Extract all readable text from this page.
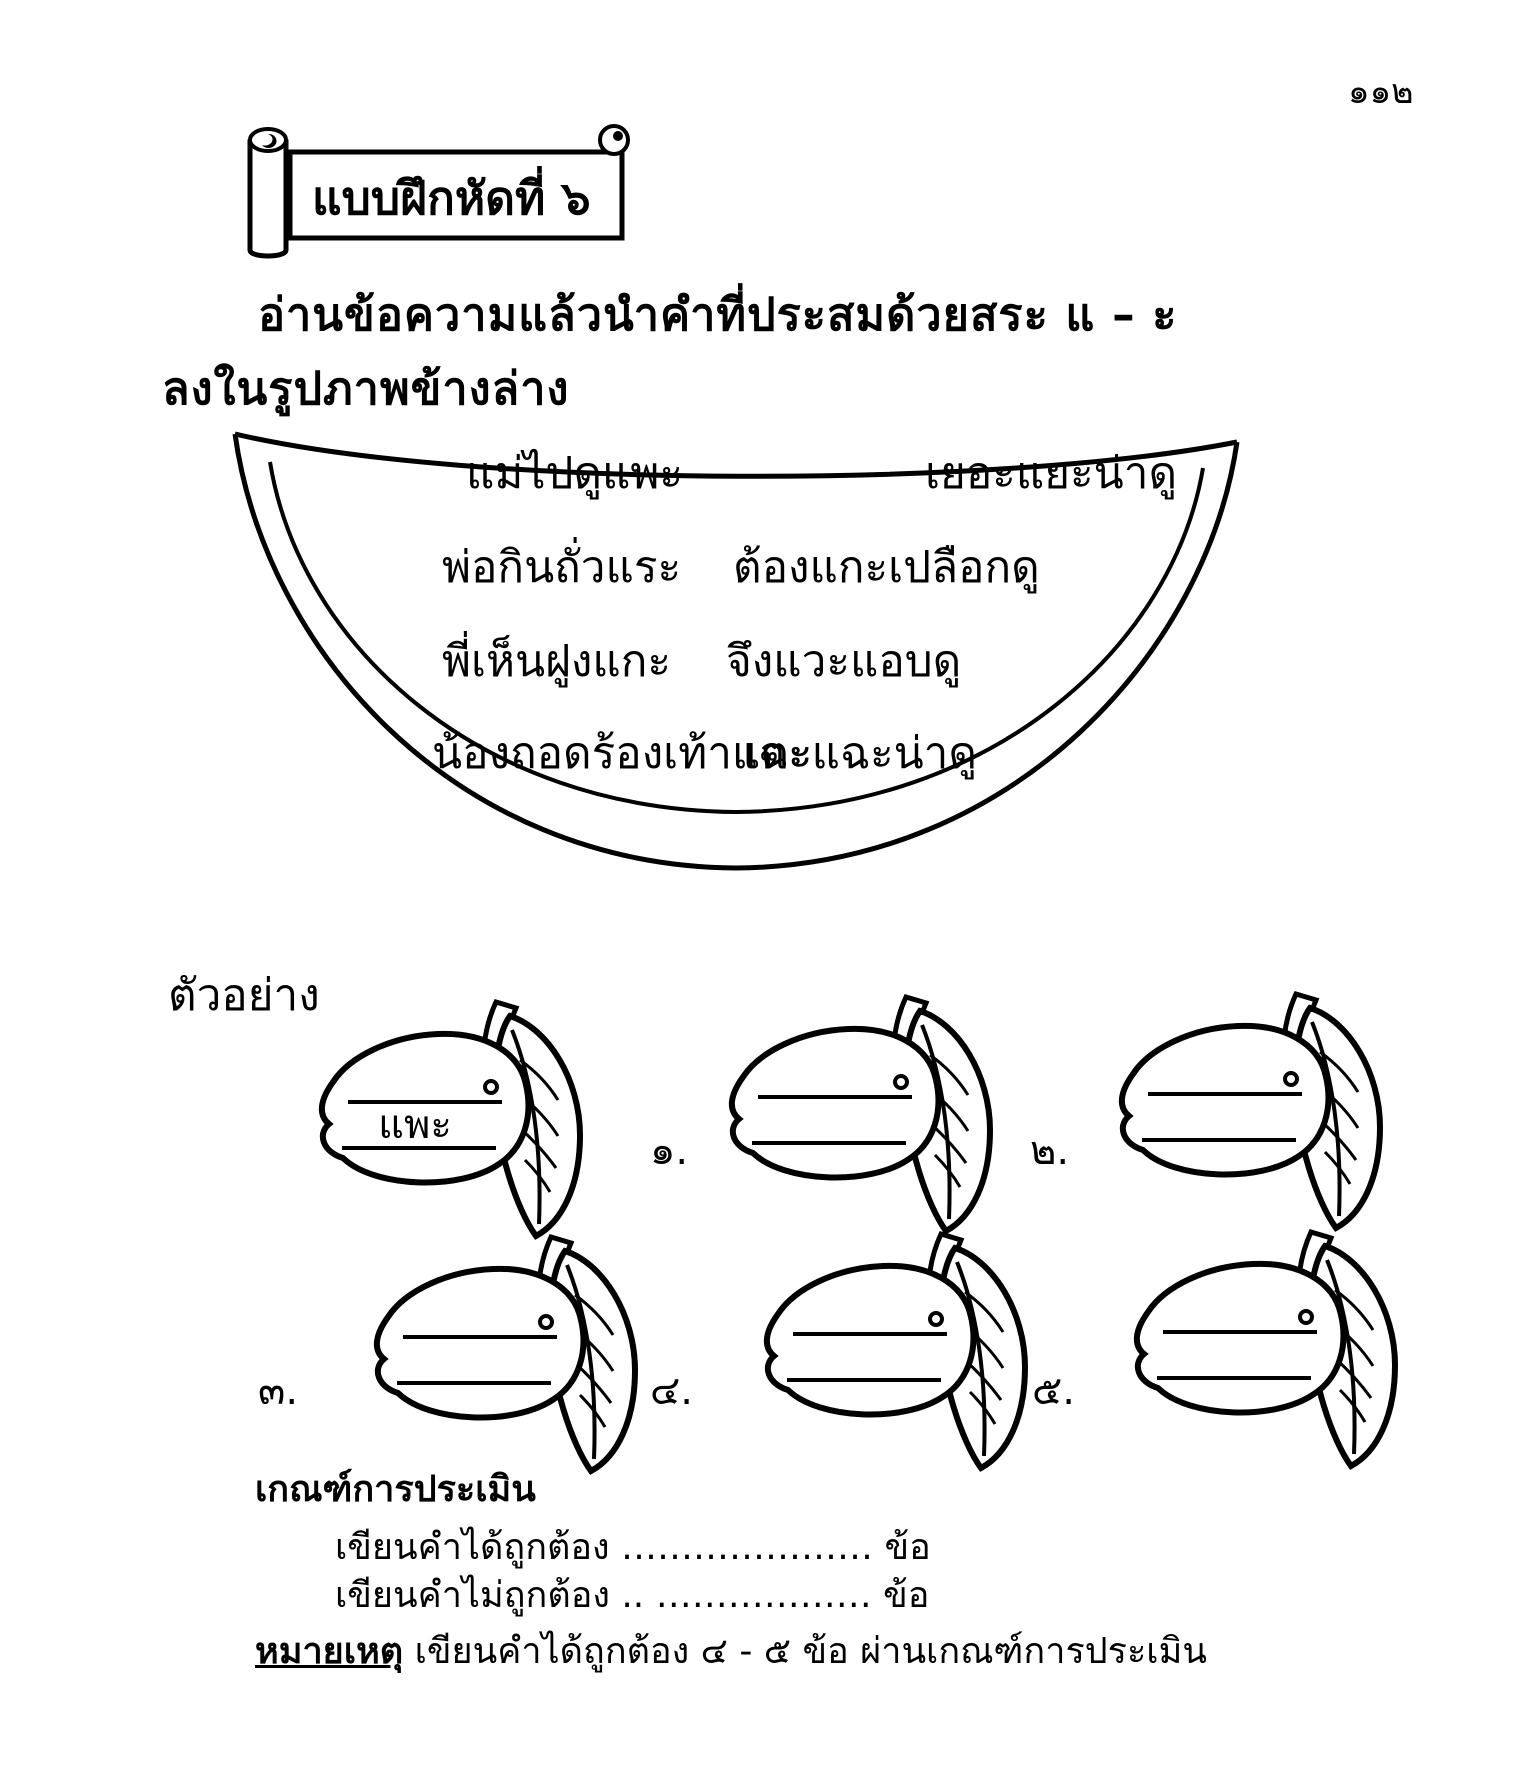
๑๑๒
แบบฝึกหัดที่ ๖
อ่านข้อความแล้วนำคำที่ประสมด้วยสระ แ – ะ
ลงในรูปภาพข้างล่าง
แม่ไปดูแพะ	เยอะแยะน่าดู
พ่อกินถั่วแระ ต้องแกะเปลือกดู
พี่เห็นฝูงแกะ จึงแวะแอบดู
น้องถอดร้องเท้าแตะ
เฉะแฉะน่าดู
ตัวอย่าง
แพะ
๑.	๒.
๓.	๔.	๕.
เกณฑ์การประเมิน
เขียนคำได้ถูกต้อง ………………… ข้อ
เขียนคำไม่ถูกต้อง .. ……………… ข้อ
หมายเหตุ เขียนคำได้ถูกต้อง ๔ - ๕ ข้อ ผ่านเกณฑ์การประเมิน
